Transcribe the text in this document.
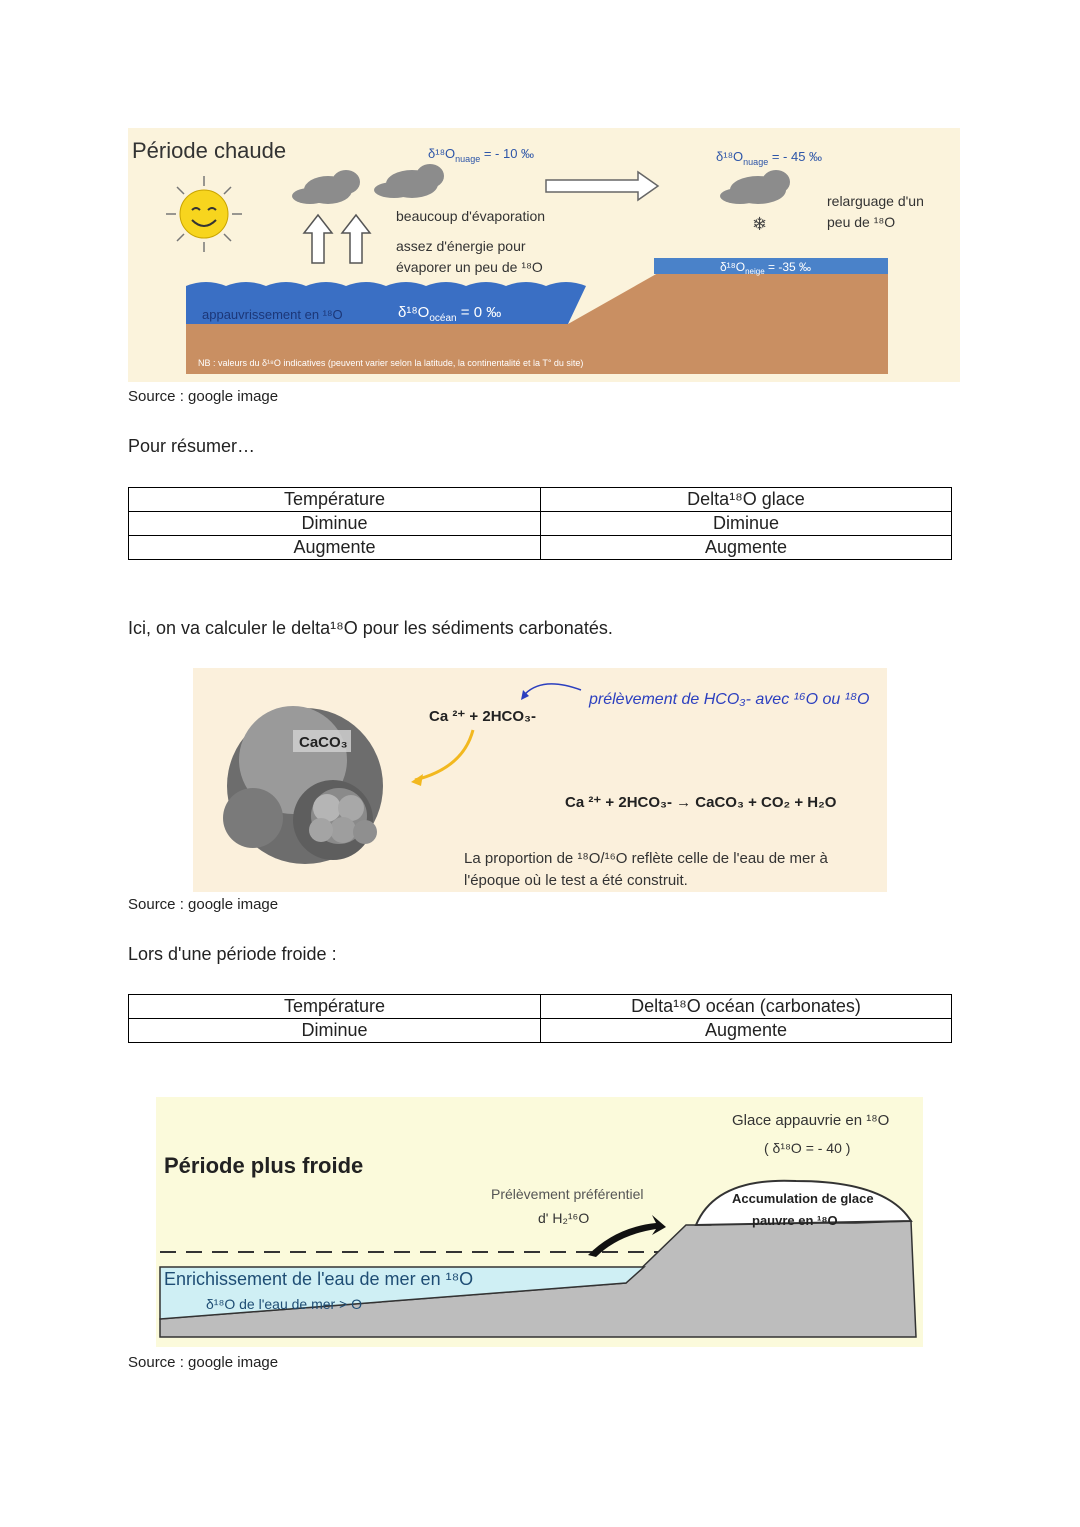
Période chaude
❄
$\delta^{18}O_{nuage}$ = - 10 ‰	$\delta^{18}O_{nuage}$ = - 45 ‰
beaucoup d'évaporation
assez d'énergie pour
évaporer un peu de ¹⁸O
relarguage d'un
peu de ¹⁸O
$\delta^{18}O_{neige} = -35$ ‰
appauvrissement en ¹⁸O	$\delta^{18}O_{océan} = 0$ ‰
NB : valeurs du δ¹⁸O indicatives (peuvent varier selon la latitude, la continentalité et la T° du site)
Source : google image
Pour résumer…
Température	Delta¹⁸O glace
Diminue	Diminue
Augmente	Augmente
Ici, on va calculer le delta¹⁸O pour les sédiments carbonatés.
CaCO₃
Ca ²⁺ + 2HCO₃-
prélèvement de HCO₃- avec ¹⁶O ou ¹⁸O
Ca ²⁺ + 2HCO₃- → CaCO₃ + CO₂ + H₂O
La proportion de ¹⁸O/¹⁶O reflète celle de l'eau de mer à
l'époque où le test a été construit.
Source : google image
Lors d'une période froide :
Température	Delta¹⁸O océan (carbonates)
Diminue	Augmente
Période plus froide
Glace appauvrie en ¹⁸O
( δ¹⁸O = - 40 )
Prélèvement préférentiel
d' H₂¹⁶O
Accumulation de glace
pauvre en ¹⁸O
Enrichissement de l'eau de mer en ¹⁸O
δ¹⁸O de l'eau de mer > O
Source : google image
